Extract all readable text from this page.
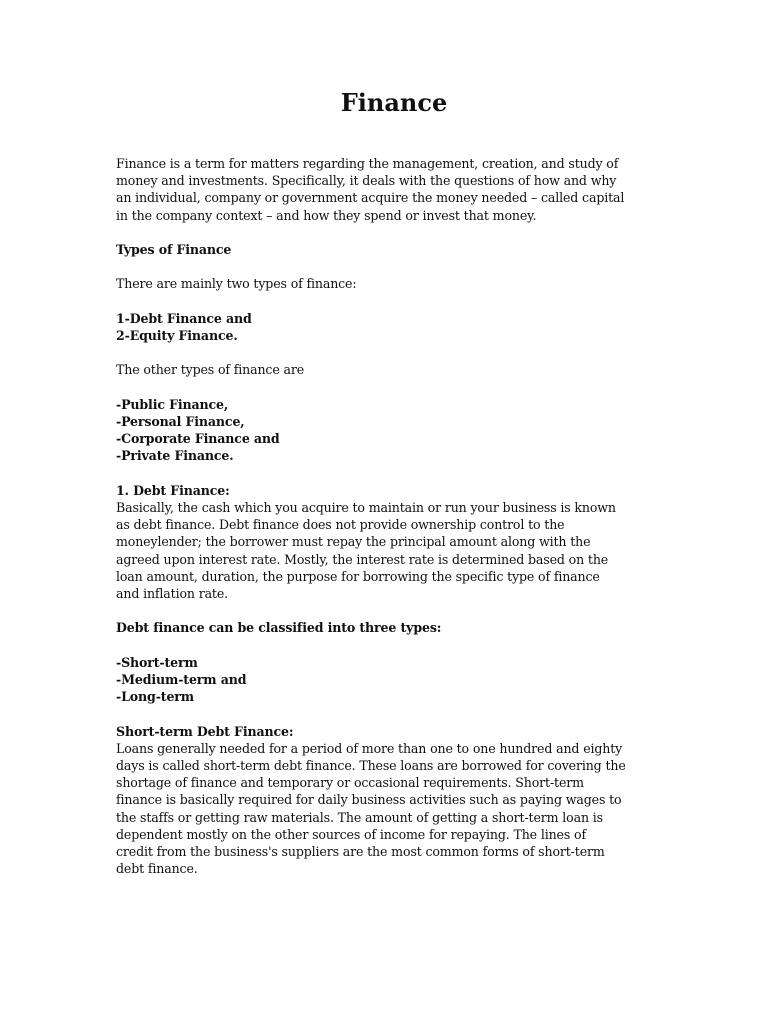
Finance
Finance is a term for matters regarding the management, creation, and study of
money and investments. Specifically, it deals with the questions of how and why
an individual, company or government acquire the money needed – called capital
in the company context – and how they spend or invest that money.
Types of Finance
There are mainly two types of finance:
1-Debt Finance and
2-Equity Finance.
The other types of finance are
-Public Finance,
-Personal Finance,
-Corporate Finance and
-Private Finance.
1. Debt Finance:
Basically, the cash which you acquire to maintain or run your business is known
as debt finance. Debt finance does not provide ownership control to the
moneylender; the borrower must repay the principal amount along with the
agreed upon interest rate. Mostly, the interest rate is determined based on the
loan amount, duration, the purpose for borrowing the specific type of finance
and inflation rate.
Debt finance can be classified into three types:
-Short-term
-Medium-term and
-Long-term
Short-term Debt Finance:
Loans generally needed for a period of more than one to one hundred and eighty
days is called short-term debt finance. These loans are borrowed for covering the
shortage of finance and temporary or occasional requirements. Short-term
finance is basically required for daily business activities such as paying wages to
the staffs or getting raw materials. The amount of getting a short-term loan is
dependent mostly on the other sources of income for repaying. The lines of
credit from the business's suppliers are the most common forms of short-term
debt finance.
